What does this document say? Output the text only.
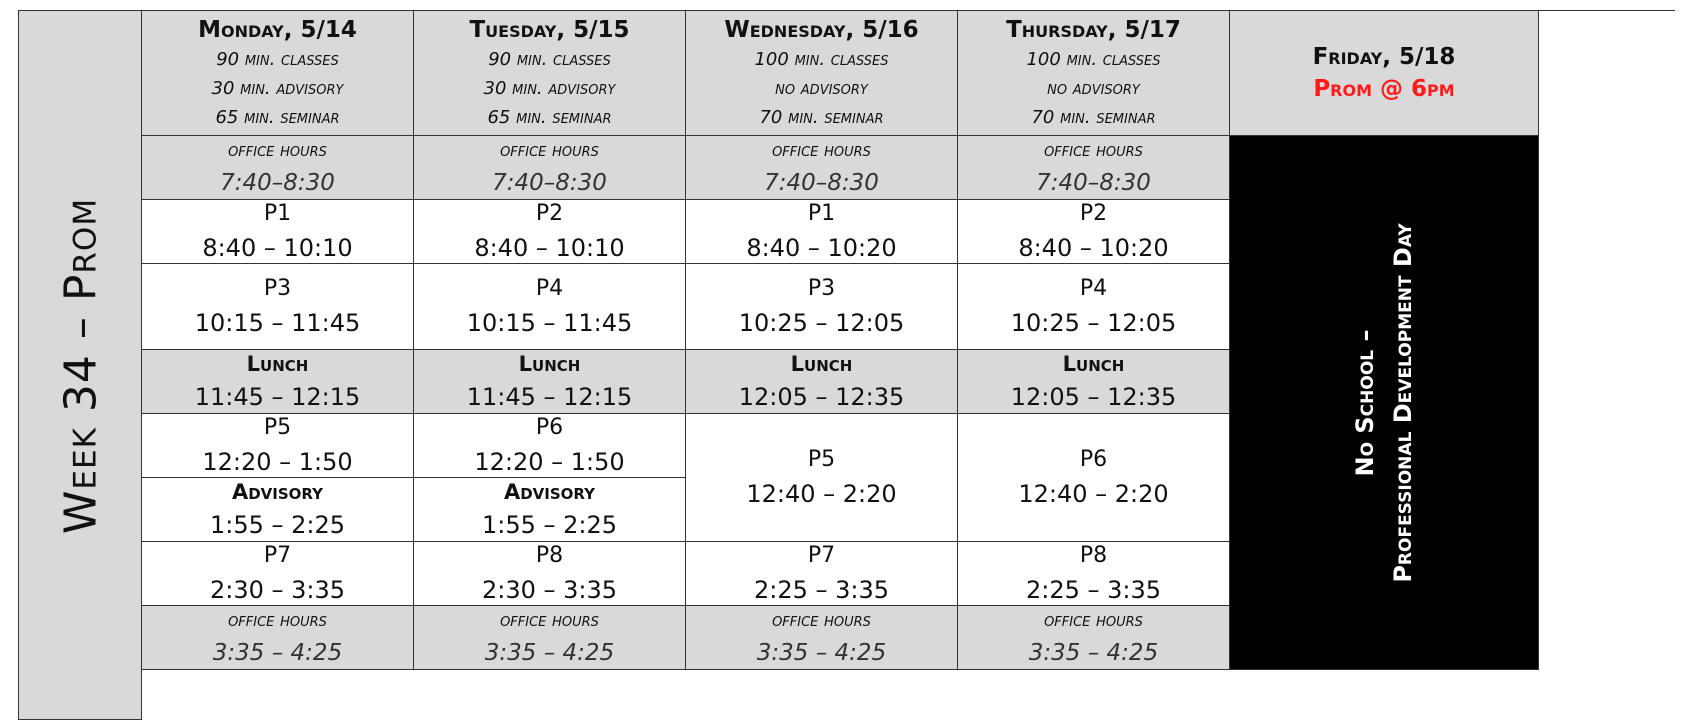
Week 34 – Prom
Monday, 5/14
90 min. classes
30 min. advisory
65 min. seminar
Tuesday, 5/15
90 min. classes
30 min. advisory
65 min. seminar
Wednesday, 5/16
100 min. classes
no advisory
70 min. seminar
Thursday, 5/17
100 min. classes
no advisory
70 min. seminar
Friday, 5/18
Prom @ 6pm
office hours
7:40–8:30
office hours
7:40–8:30
office hours
7:40–8:30
office hours
7:40–8:30
P1
8:40 – 10:10
P2
8:40 – 10:10
P1
8:40 – 10:20
P2
8:40 – 10:20
P3
10:15 – 11:45
P4
10:15 – 11:45
P3
10:25 – 12:05
P4
10:25 – 12:05
Lunch
11:45 – 12:15
Lunch
11:45 – 12:15
Lunch
12:05 – 12:35
Lunch
12:05 – 12:35
P5
12:20 – 1:50
P6
12:20 – 1:50
Advisory
1:55 – 2:25
Advisory
1:55 – 2:25
P5
12:40 – 2:20
P6
12:40 – 2:20
P7
2:30 – 3:35
P8
2:30 – 3:35
P7
2:25 – 3:35
P8
2:25 – 3:35
office hours
3:35 – 4:25
office hours
3:35 – 4:25
office hours
3:35 – 4:25
office hours
3:35 – 4:25
No School – Professional Development Day
